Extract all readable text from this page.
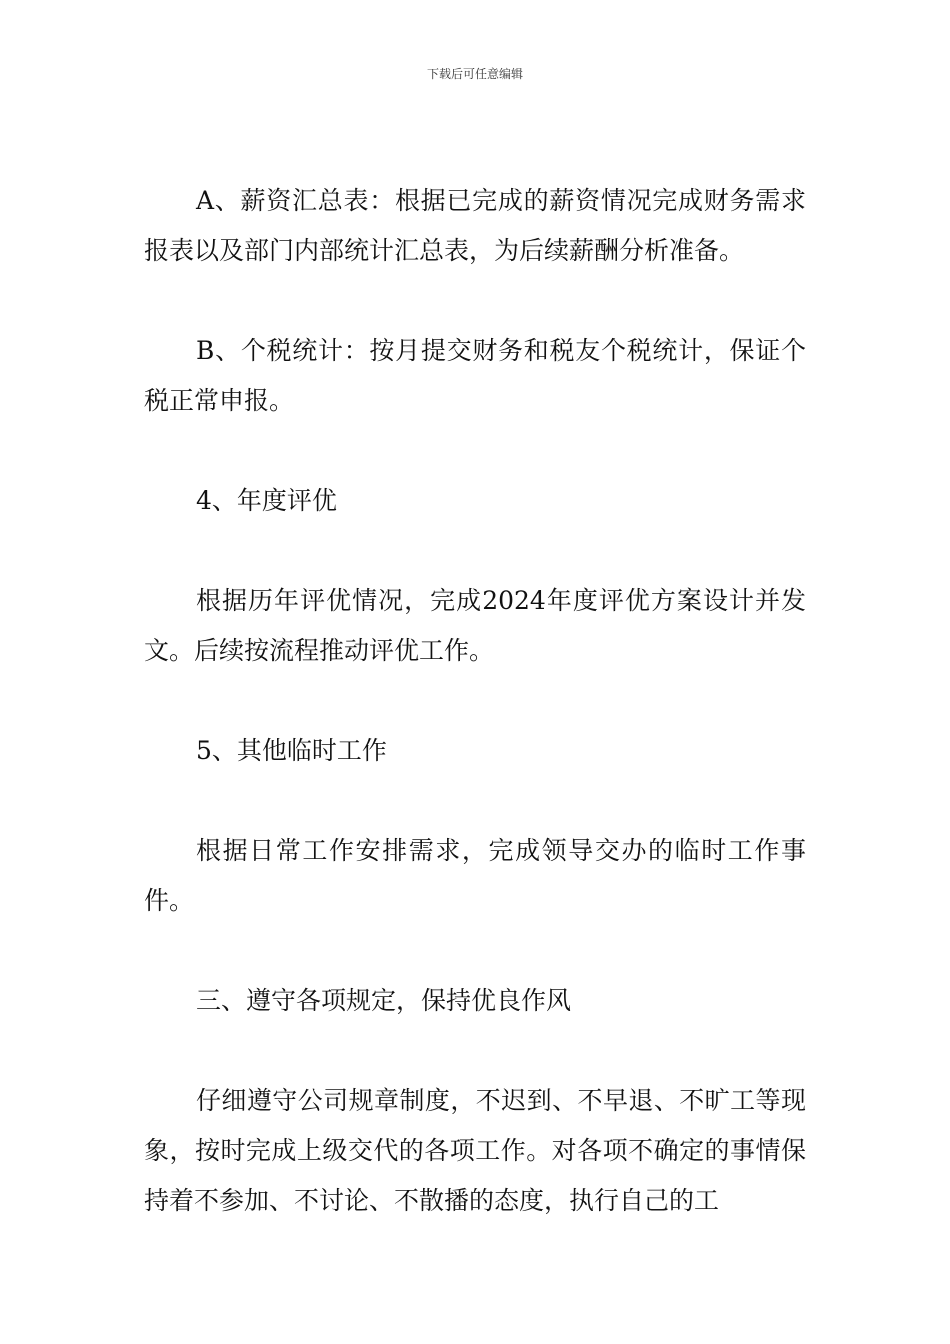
下载后可任意编辑

A、薪资汇总表：根据已完成的薪资情况完成财务需求报表以及部门内部统计汇总表，为后续薪酬分析准备。

B、个税统计：按月提交财务和税友个税统计，保证个税正常申报。

4、年度评优

根据历年评优情况，完成2024年度评优方案设计并发文。后续按流程推动评优工作。

5、其他临时工作

根据日常工作安排需求，完成领导交办的临时工作事件。

三、遵守各项规定，保持优良作风

仔细遵守公司规章制度，不迟到、不早退、不旷工等现象，按时完成上级交代的各项工作。对各项不确定的事情保持着不参加、不讨论、不散播的态度，执行自己的工
